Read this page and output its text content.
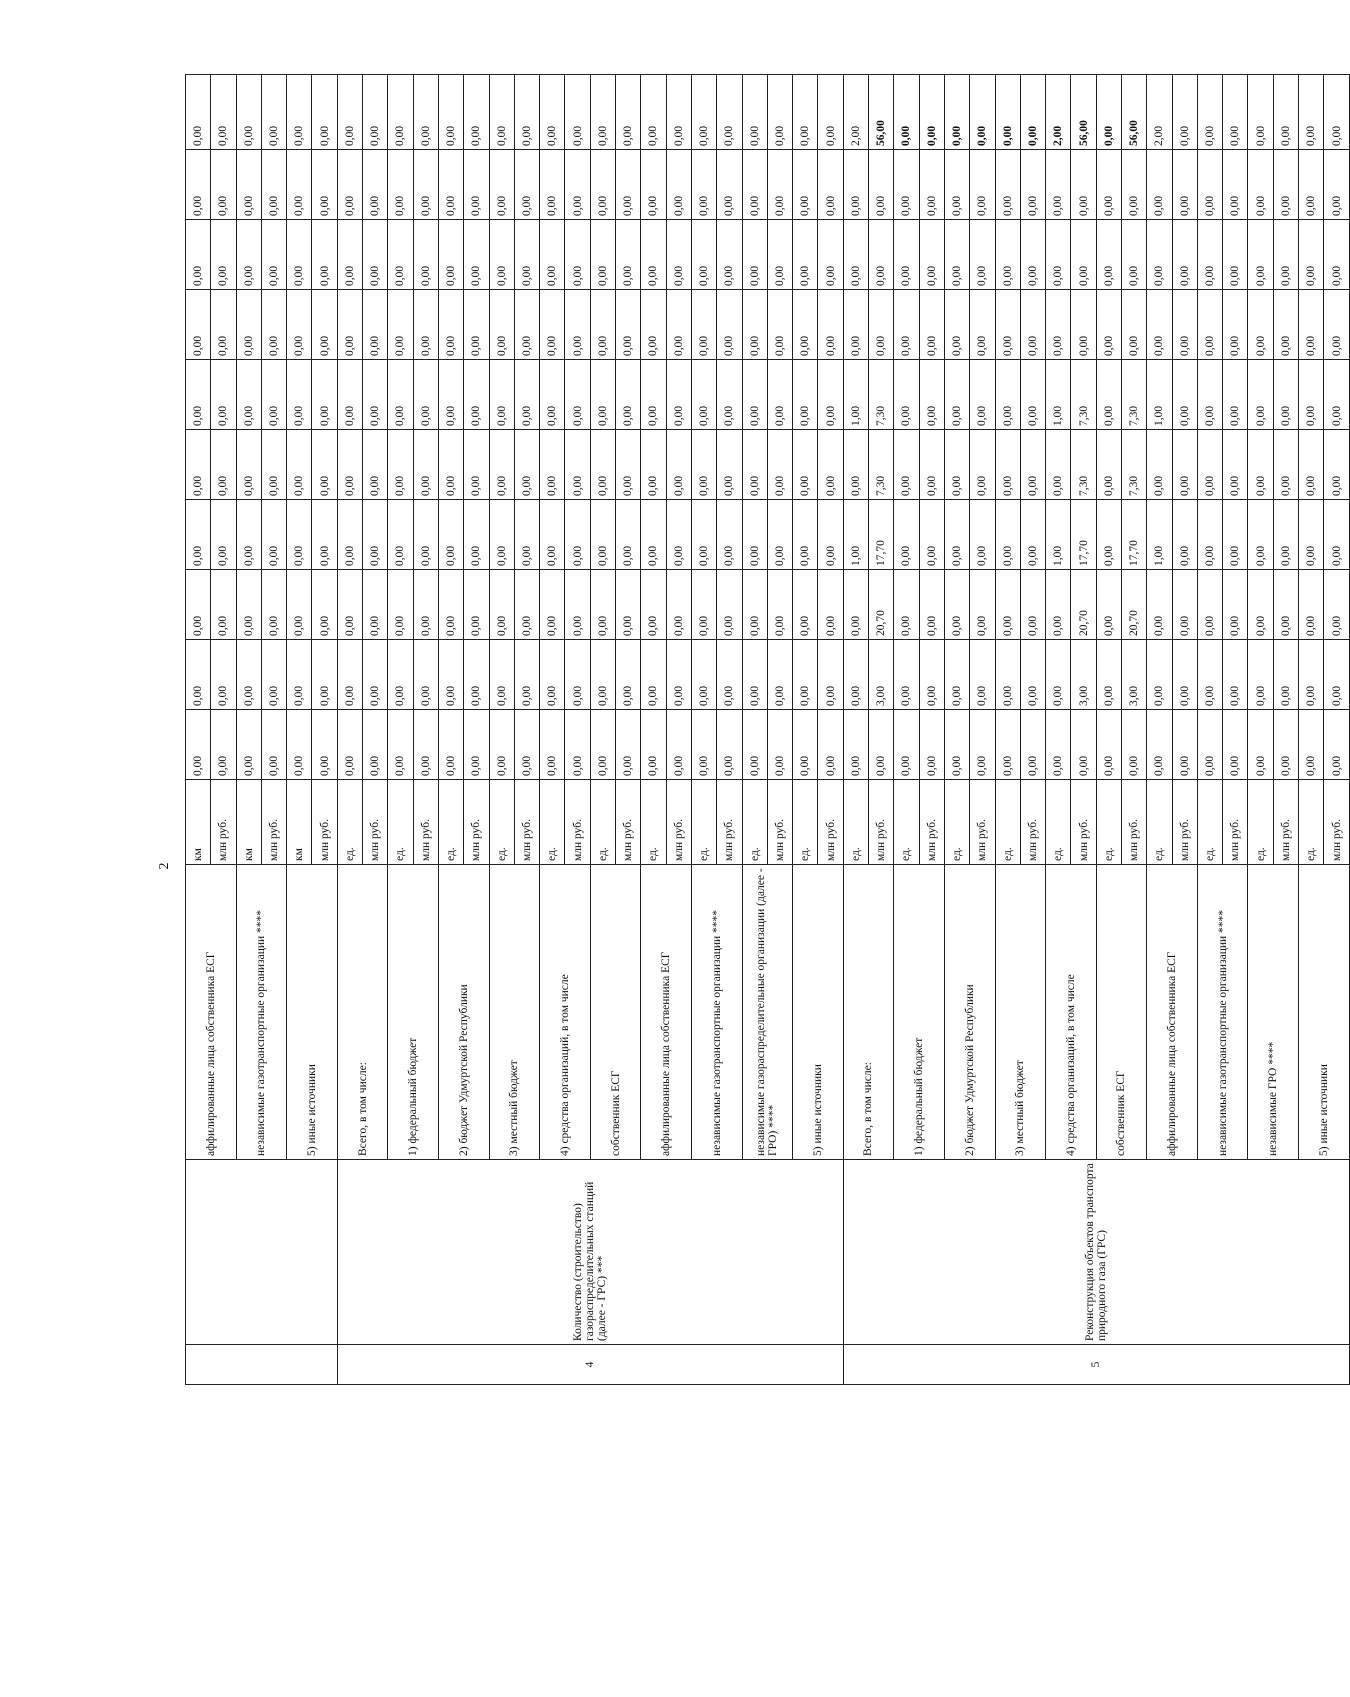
2
		аффилированные лица собственника ЕСГ	км	0,00	0,00	0,00	0,00	0,00	0,00	0,00	0,00	0,00	0,00
			млн руб.	0,00	0,00	0,00	0,00	0,00	0,00	0,00	0,00	0,00	0,00
		независимые газотранспортные организации ****	км	0,00	0,00	0,00	0,00	0,00	0,00	0,00	0,00	0,00	0,00
			млн руб.	0,00	0,00	0,00	0,00	0,00	0,00	0,00	0,00	0,00	0,00
		5) иные источники	км	0,00	0,00	0,00	0,00	0,00	0,00	0,00	0,00	0,00	0,00
			млн руб.	0,00	0,00	0,00	0,00	0,00	0,00	0,00	0,00	0,00	0,00
4	Количество (строительство) газораспределительных станций (далее - ГРС) ***	Всего, в том числе:	ед.	0,00	0,00	0,00	0,00	0,00	0,00	0,00	0,00	0,00	0,00
			млн руб.	0,00	0,00	0,00	0,00	0,00	0,00	0,00	0,00	0,00	0,00
		1) федеральный бюджет	ед.	0,00	0,00	0,00	0,00	0,00	0,00	0,00	0,00	0,00	0,00
			млн руб.	0,00	0,00	0,00	0,00	0,00	0,00	0,00	0,00	0,00	0,00
		2) бюджет Удмуртской Республики	ед.	0,00	0,00	0,00	0,00	0,00	0,00	0,00	0,00	0,00	0,00
			млн руб.	0,00	0,00	0,00	0,00	0,00	0,00	0,00	0,00	0,00	0,00
		3) местный бюджет	ед.	0,00	0,00	0,00	0,00	0,00	0,00	0,00	0,00	0,00	0,00
			млн руб.	0,00	0,00	0,00	0,00	0,00	0,00	0,00	0,00	0,00	0,00
		4) средства организаций, в том числе	ед.	0,00	0,00	0,00	0,00	0,00	0,00	0,00	0,00	0,00	0,00
			млн руб.	0,00	0,00	0,00	0,00	0,00	0,00	0,00	0,00	0,00	0,00
		собственник ЕСГ	ед.	0,00	0,00	0,00	0,00	0,00	0,00	0,00	0,00	0,00	0,00
			млн руб.	0,00	0,00	0,00	0,00	0,00	0,00	0,00	0,00	0,00	0,00
		аффилированные лица собственника ЕСГ	ед.	0,00	0,00	0,00	0,00	0,00	0,00	0,00	0,00	0,00	0,00
			млн руб.	0,00	0,00	0,00	0,00	0,00	0,00	0,00	0,00	0,00	0,00
		независимые газотранспортные организации ****	ед.	0,00	0,00	0,00	0,00	0,00	0,00	0,00	0,00	0,00	0,00
			млн руб.	0,00	0,00	0,00	0,00	0,00	0,00	0,00	0,00	0,00	0,00
		независимые газораспределительные организации (далее - ГРО) ****	ед.	0,00	0,00	0,00	0,00	0,00	0,00	0,00	0,00	0,00	0,00
			млн руб.	0,00	0,00	0,00	0,00	0,00	0,00	0,00	0,00	0,00	0,00
		5) иные источники	ед.	0,00	0,00	0,00	0,00	0,00	0,00	0,00	0,00	0,00	0,00
			млн руб.	0,00	0,00	0,00	0,00	0,00	0,00	0,00	0,00	0,00	0,00
5	Реконструкция объектов транспорта природного газа (ГРС)	Всего, в том числе:	ед.	0,00	0,00	0,00	1,00	0,00	1,00	0,00	0,00	0,00	2,00
			млн руб.	0,00	3,00	20,70	17,70	7,30	7,30	0,00	0,00	0,00	56,00
		1) федеральный бюджет	ед.	0,00	0,00	0,00	0,00	0,00	0,00	0,00	0,00	0,00	0,00
			млн руб.	0,00	0,00	0,00	0,00	0,00	0,00	0,00	0,00	0,00	0,00
		2) бюджет Удмуртской Республики	ед.	0,00	0,00	0,00	0,00	0,00	0,00	0,00	0,00	0,00	0,00
			млн руб.	0,00	0,00	0,00	0,00	0,00	0,00	0,00	0,00	0,00	0,00
		3) местный бюджет	ед.	0,00	0,00	0,00	0,00	0,00	0,00	0,00	0,00	0,00	0,00
			млн руб.	0,00	0,00	0,00	0,00	0,00	0,00	0,00	0,00	0,00	0,00
		4) средства организаций, в том числе	ед.	0,00	0,00	0,00	1,00	0,00	1,00	0,00	0,00	0,00	2,00
			млн руб.	0,00	3,00	20,70	17,70	7,30	7,30	0,00	0,00	0,00	56,00
		собственник ЕСГ	ед.	0,00	0,00	0,00	0,00	0,00	0,00	0,00	0,00	0,00	0,00
			млн руб.	0,00	3,00	20,70	17,70	7,30	7,30	0,00	0,00	0,00	56,00
		аффилированные лица собственника ЕСГ	ед.	0,00	0,00	0,00	1,00	0,00	1,00	0,00	0,00	0,00	2,00
			млн руб.	0,00	0,00	0,00	0,00	0,00	0,00	0,00	0,00	0,00	0,00
		независимые газотранспортные организации ****	ед.	0,00	0,00	0,00	0,00	0,00	0,00	0,00	0,00	0,00	0,00
			млн руб.	0,00	0,00	0,00	0,00	0,00	0,00	0,00	0,00	0,00	0,00
		независимые ГРО ****	ед.	0,00	0,00	0,00	0,00	0,00	0,00	0,00	0,00	0,00	0,00
			млн руб.	0,00	0,00	0,00	0,00	0,00	0,00	0,00	0,00	0,00	0,00
		5) иные источники	ед.	0,00	0,00	0,00	0,00	0,00	0,00	0,00	0,00	0,00	0,00
			млн руб.	0,00	0,00	0,00	0,00	0,00	0,00	0,00	0,00	0,00	0,00
